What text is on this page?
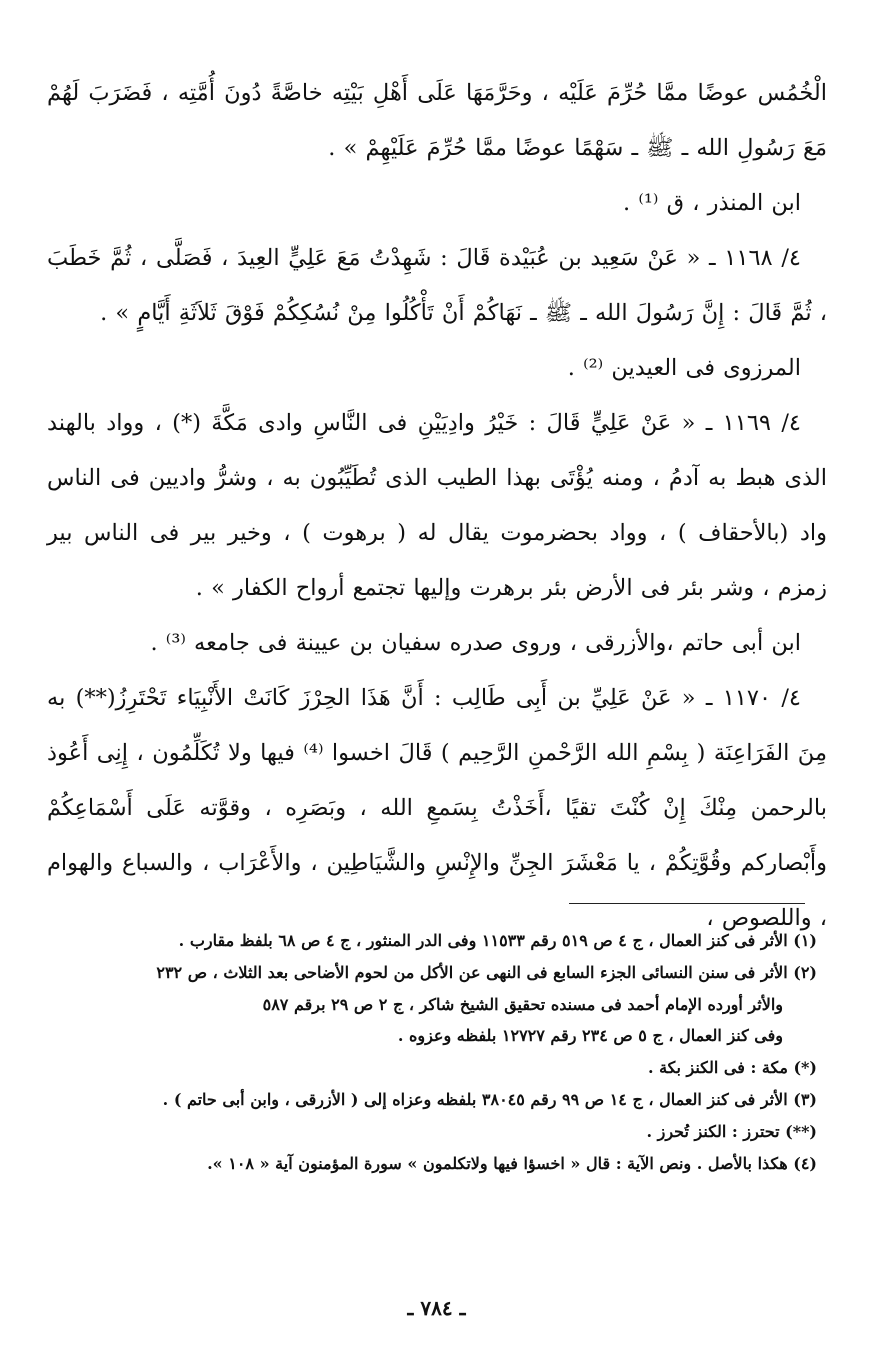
الْخُمُس عوضًا ممَّا حُرِّمَ عَلَيْه ، وحَرَّمَهَا عَلَى أَهْلِ بَيْتِه خاصَّةً دُونَ أُمَّتِه ، فَضَرَبَ لَهُمْ مَعَ رَسُولِ الله ـ ﷺ ـ سَهْمًا عوضًا ممَّا حُرِّمَ عَلَيْهِمْ » .

ابن المنذر ، ق ⁽¹⁾ .

٤/ ١١٦٨ ـ « عَنْ سَعِيد بن عُبَيْدة قَالَ : شَهِدْتُ مَعَ عَلِيٍّ العِيدَ ، فَصَلَّى ، ثُمَّ خَطَبَ ، ثُمَّ قَالَ : إِنَّ رَسُولَ الله ـ ﷺ ـ نَهَاكُمْ أَنْ تَأْكُلُوا مِنْ نُسُكِكُمْ فَوْقَ ثَلاَثَةِ أَيَّامٍ » .

المرزوى فى العيدين ⁽²⁾ .

٤/ ١١٦٩ ـ « عَنْ عَلِيٍّ قَالَ : خَيْرُ وادِيَيْنِ فى النَّاسِ وادى مَكَّةَ (*) ، وواد بالهند الذى هبط به آدمُ ، ومنه يُؤْتَى بهذا الطيب الذى تُطَيِّبُون به ، وشرُّ واديين فى الناس واد (بالأحقاف ) ، وواد بحضرموت يقال له ( برهوت ) ، وخير بير فى الناس بير زمزم ، وشر بئر فى الأرض بئر برهرت وإليها تجتمع أرواح الكفار » .

ابن أبى حاتم ،والأزرقى ، وروى صدره سفيان بن عيينة فى جامعه ⁽³⁾ .

٤/ ١١٧٠ ـ « عَنْ عَلِيِّ بن أَبِى طَالِب : أَنَّ هَذَا الحِرْزَ كَانَتْ الأَنْبِيَاء تَحْتَرِزُ(**) به مِنَ الفَرَاعِنَة ( بِسْمِ الله الرَّحْمنِ الرَّحِيم ) قَالَ اخسوا ⁽⁴⁾ فيها ولا تُكَلِّمُون ، إِنِى أَعُوذ بالرحمن مِنْكَ إِنْ كُنْتَ تقيًا ،أَخَذْتُ بِسَمعِ الله ، وبَصَرِه ، وقوَّته عَلَى أَسْمَاعِكُمْ وأَبْصاركم وقُوَّتِكُمْ ، يا مَعْشَرَ الجِنِّ والإِنْسِ والشَّيَاطِين ، والأَعْرَاب ، والسباع والهوام ، واللصوص ،

(١) الأثر فى كنز العمال ، ج ٤ ص ٥١٩ رقم ١١٥٣٣ وفى الدر المنثور ، ج ٤ ص ٦٨ بلفظ مقارب .

(٢) الأثر فى سنن النسائى الجزء السابع فى النهى عن الأكل من لحوم الأضاحى بعد الثلاث ، ص ٢٣٢

والأثر أورده الإمام أحمد فى مسنده تحقيق الشيخ شاكر ، ج ٢ ص ٢٩ برقم ٥٨٧

وفى كنز العمال ، ج ٥ ص ٢٣٤ رقم ١٢٧٢٧ بلفظه وعزوه .

(*) مكة : فى الكنز بكة .

(٣) الأثر فى كنز العمال ، ج ١٤ ص ٩٩ رقم ٣٨٠٤٥ بلفظه وعزاه إلى ( الأزرقى ، وابن أبى حاتم ) .

(**) تحترز : الكنز تُحرز .

(٤) هكذا بالأصل . ونص الآية : قال « اخسؤا فيها ولاتكلمون » سورة المؤمنون آية « ١٠٨ ».

ـ ٧٨٤ ـ
